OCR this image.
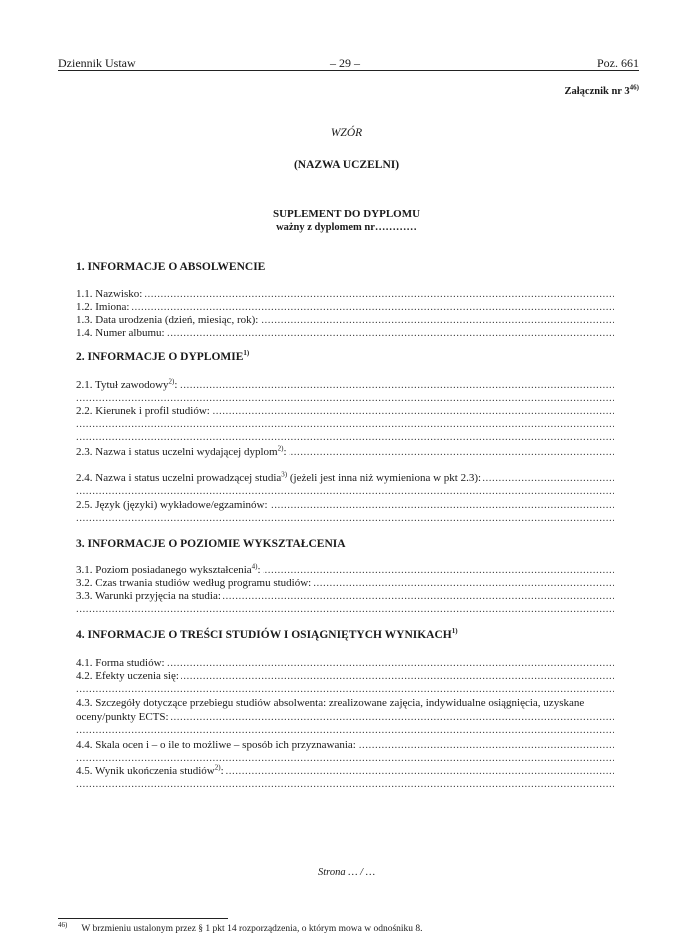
Dziennik Ustaw	– 29 –	Poz. 661
Załącznik nr 3$^{46)}$
WZÓR
(NAZWA UCZELNI)
SUPLEMENT DO DYPLOMU
ważny z dyplomem nr…………
1. INFORMACJE O ABSOLWENCIE
1.1. Nazwisko: .....
1.2. Imiona: .....
1.3. Data urodzenia (dzień, miesiąc, rok): .....
1.4. Numer albumu: .....
2. INFORMACJE O DYPLOMIE$^{1)}$
2.1. Tytuł zawodowy$^{2)}$: .....
.....
2.2. Kierunek i profil studiów: .....
.....
.....
2.3. Nazwa i status uczelni wydającej dyplom$^{2)}$: .....
2.4. Nazwa i status uczelni prowadzącej studia$^{3)}$ (jeżeli jest inna niż wymieniona w pkt 2.3): .....
.....
2.5. Język (języki) wykładowe/egzaminów: .....
.....
3. INFORMACJE O POZIOMIE WYKSZTAŁCENIA
3.1. Poziom posiadanego wykształcenia$^{4)}$: .....
3.2. Czas trwania studiów według programu studiów: .....
3.3. Warunki przyjęcia na studia: .....
.....
4. INFORMACJE O TREŚCI STUDIÓW I OSIĄGNIĘTYCH WYNIKACH$^{1)}$
4.1. Forma studiów: .....
4.2. Efekty uczenia się: .....
.....
4.3. Szczegóły dotyczące przebiegu studiów absolwenta: zrealizowane zajęcia, indywidualne osiągnięcia, uzyskane
oceny/punkty ECTS: .....
.....
4.4. Skala ocen i – o ile to możliwe – sposób ich przyznawania: .....
.....
4.5. Wynik ukończenia studiów$^{2)}$: .....
.....
Strona … / …
$^{46)}$ W brzmieniu ustalonym przez § 1 pkt 14 rozporządzenia, o którym mowa w odnośniku 8.
